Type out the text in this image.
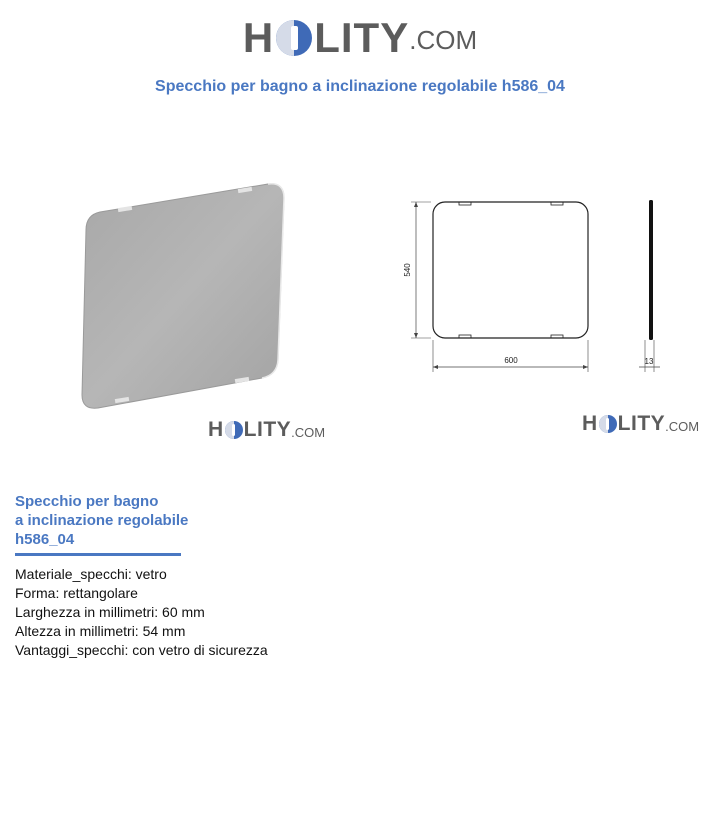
H LITY .COM
Specchio per bagno a inclinazione regolabile h586_04
H LITY .COM
540
600	13
H LITY .COM
Specchio per bagno
a inclinazione regolabile
h586_04
Materiale_specchi: vetro
Forma: rettangolare
Larghezza in millimetri: 60 mm
Altezza in millimetri: 54 mm
Vantaggi_specchi: con vetro di sicurezza
